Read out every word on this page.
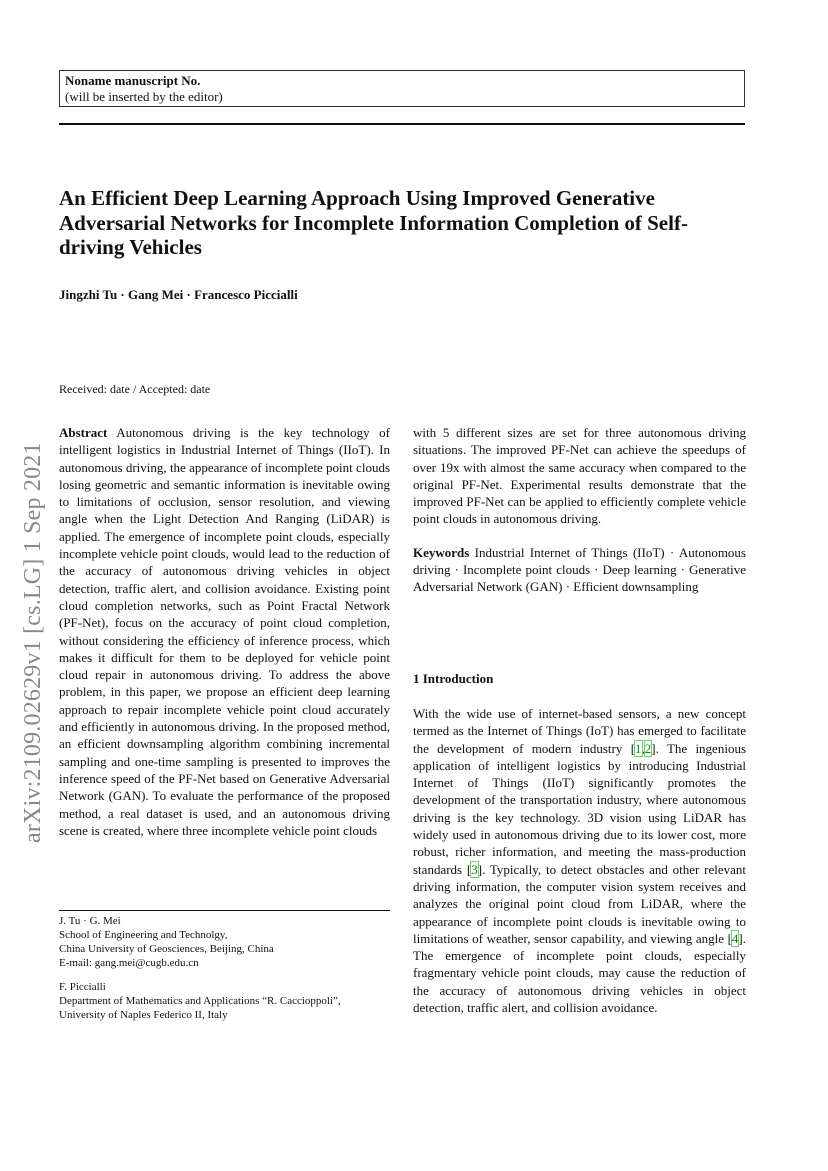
Noname manuscript No.
(will be inserted by the editor)
An Efficient Deep Learning Approach Using Improved Generative Adversarial Networks for Incomplete Information Completion of Self-driving Vehicles
Jingzhi Tu · Gang Mei · Francesco Piccialli
Received: date / Accepted: date
arXiv:2109.02629v1 [cs.LG] 1 Sep 2021

Abstract Autonomous driving is the key technology of intelligent logistics in Industrial Internet of Things (IIoT). In autonomous driving, the appearance of incomplete point clouds losing geometric and semantic information is inevitable owing to limitations of occlusion, sensor resolution, and viewing angle when the Light Detection And Ranging (LiDAR) is applied. The emergence of incomplete point clouds, especially incomplete vehicle point clouds, would lead to the reduction of the accuracy of autonomous driving vehicles in object detection, traffic alert, and collision avoidance. Existing point cloud completion networks, such as Point Fractal Network (PF-Net), focus on the accuracy of point cloud completion, without considering the efficiency of inference process, which makes it difficult for them to be deployed for vehicle point cloud repair in autonomous driving. To address the above problem, in this paper, we propose an efficient deep learning approach to repair incomplete vehicle point cloud accurately and efficiently in autonomous driving. In the proposed method, an efficient downsampling algorithm combining incremental sampling and one-time sampling is presented to improves the inference speed of the PF-Net based on Generative Adversarial Network (GAN). To evaluate the performance of the proposed method, a real dataset is used, and an autonomous driving scene is created, where three incomplete vehicle point clouds

with 5 different sizes are set for three autonomous driving situations. The improved PF-Net can achieve the speedups of over 19x with almost the same accuracy when compared to the original PF-Net. Experimental results demonstrate that the improved PF-Net can be applied to efficiently complete vehicle point clouds in autonomous driving.

Keywords Industrial Internet of Things (IIoT) · Autonomous driving · Incomplete point clouds · Deep learning · Generative Adversarial Network (GAN) · Efficient downsampling

1 Introduction

With the wide use of internet-based sensors, a new concept termed as the Internet of Things (IoT) has emerged to facilitate the development of modern industry [1,2]. The ingenious application of intelligent logistics by introducing Industrial Internet of Things (IIoT) significantly promotes the development of the transportation industry, where autonomous driving is the key technology. 3D vision using LiDAR has widely used in autonomous driving due to its lower cost, more robust, richer information, and meeting the mass-production standards [3]. Typically, to detect obstacles and other relevant driving information, the computer vision system receives and analyzes the original point cloud from LiDAR, where the appearance of incomplete point clouds is inevitable owing to limitations of weather, sensor capability, and viewing angle [4]. The emergence of incomplete point clouds, especially fragmentary vehicle point clouds, may cause the reduction of the accuracy of autonomous driving vehicles in object detection, traffic alert, and collision avoidance.

J. Tu · G. Mei
School of Engineering and Technolgy,
China University of Geosciences, Beijing, China
E-mail: gang.mei@cugb.edu.cn

F. Piccialli
Department of Mathematics and Applications “R. Caccioppoli”,
University of Naples Federico II, Italy
